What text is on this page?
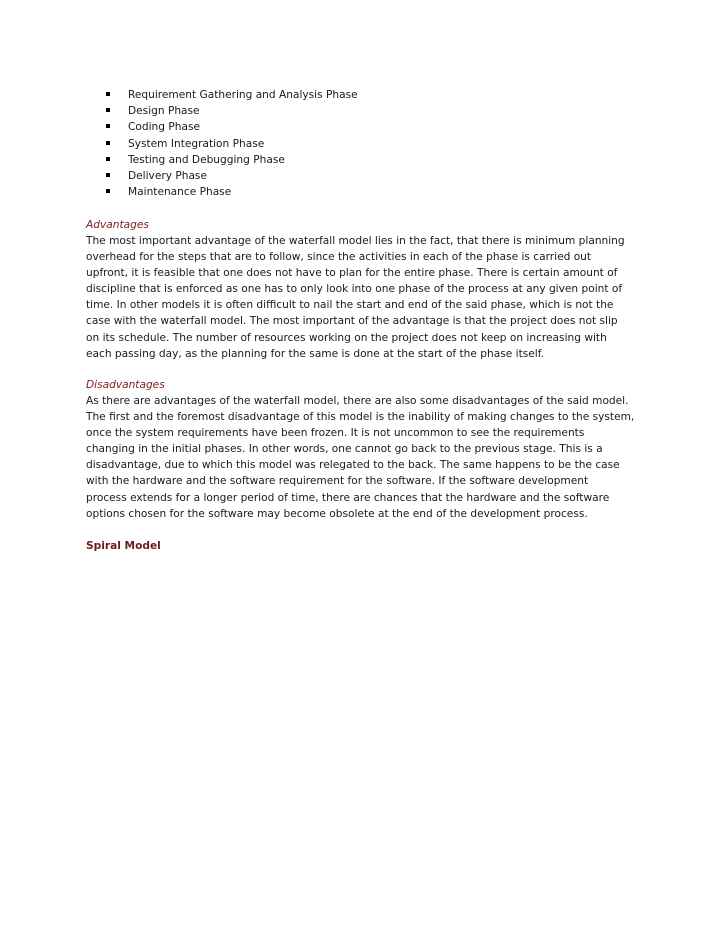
Requirement Gathering and Analysis Phase
Design Phase
Coding Phase
System Integration Phase
Testing and Debugging Phase
Delivery Phase
Maintenance Phase
Advantages
The most important advantage of the waterfall model lies in the fact, that there is minimum planning
overhead for the steps that are to follow, since the activities in each of the phase is carried out
upfront, it is feasible that one does not have to plan for the entire phase. There is certain amount of
discipline that is enforced as one has to only look into one phase of the process at any given point of
time. In other models it is often difficult to nail the start and end of the said phase, which is not the
case with the waterfall model. The most important of the advantage is that the project does not slip
on its schedule. The number of resources working on the project does not keep on increasing with
each passing day, as the planning for the same is done at the start of the phase itself.
Disadvantages
As there are advantages of the waterfall model, there are also some disadvantages of the said model.
The first and the foremost disadvantage of this model is the inability of making changes to the system,
once the system requirements have been frozen. It is not uncommon to see the requirements
changing in the initial phases. In other words, one cannot go back to the previous stage. This is a
disadvantage, due to which this model was relegated to the back. The same happens to be the case
with the hardware and the software requirement for the software. If the software development
process extends for a longer period of time, there are chances that the hardware and the software
options chosen for the software may become obsolete at the end of the development process.
Spiral Model
